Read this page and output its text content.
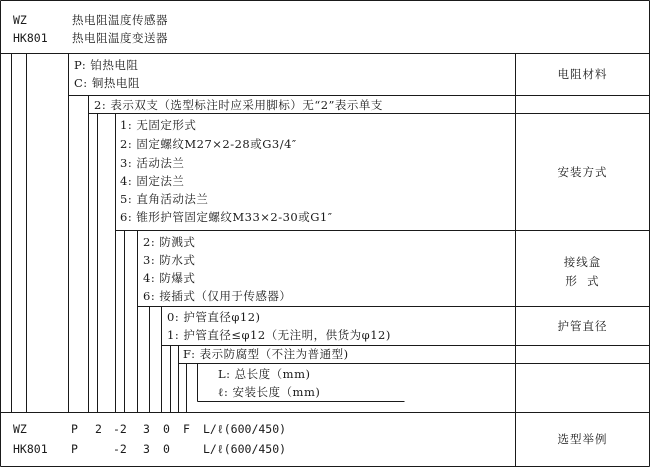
WZ	热电阻温度传感器
HK801 热电阻温度变送器
P: 铂热电阻
C: 铜热电阻
电阻材料
2: 表示双支（选型标注时应采用脚标）无“2”表示单支
1: 无固定形式
2: 固定螺纹M27×2-28或G3/4″
3: 活动法兰
4: 固定法兰
5: 直角活动法兰
6: 锥形护管固定螺纹M33×2-30或G1″
安装方式
2: 防溅式
3: 防水式
4: 防爆式
6: 接插式（仅用于传感器）
接线盒
形  式
0: 护管直径φ12)
1: 护管直径≤φ12（无注明，供货为φ12)
护管直径
F: 表示防腐型（不注为普通型)
L: 总长度（mm)
ℓ: 安装长度（mm)
WZ	P 2 -2 3 0 F L/ℓ(600/450)
HK801 P	-2 3 0	L/ℓ(600/450)
选型举例
